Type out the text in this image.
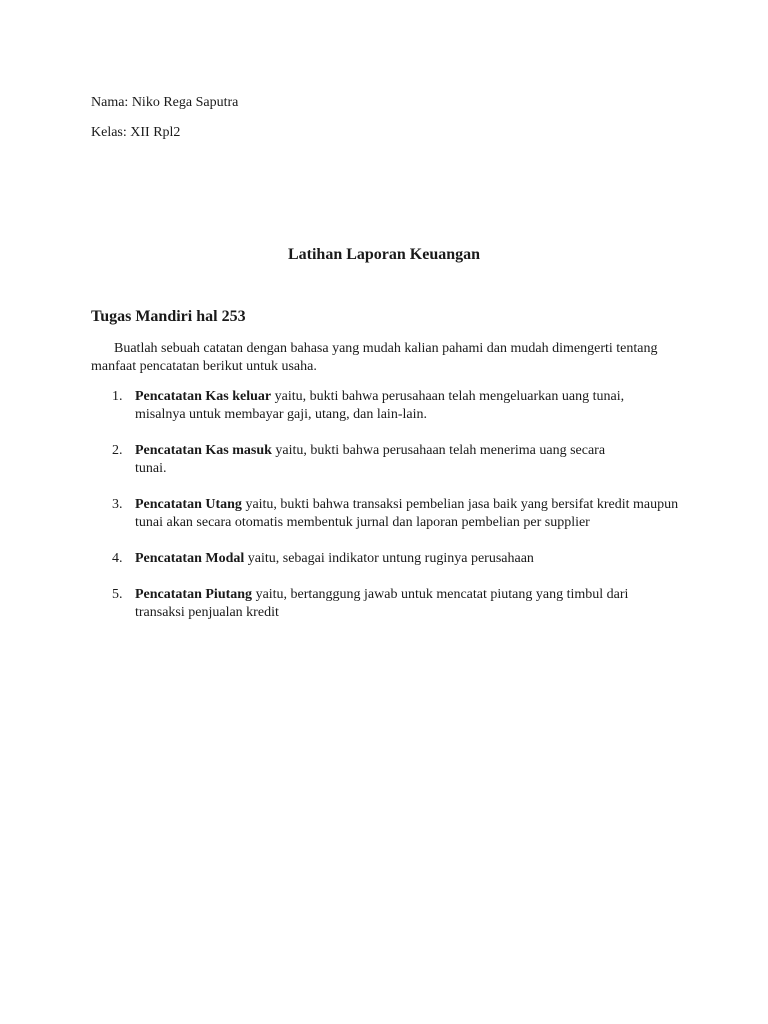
Nama: Niko Rega Saputra
Kelas: XII Rpl2
Latihan Laporan Keuangan
Tugas Mandiri hal 253
Buatlah sebuah catatan dengan bahasa yang mudah kalian pahami dan mudah dimengerti tentang manfaat pencatatan berikut untuk usaha.
1. Pencatatan Kas keluar yaitu, bukti bahwa perusahaan telah mengeluarkan uang tunai, misalnya untuk membayar gaji, utang, dan lain-lain.
2. Pencatatan Kas masuk yaitu, bukti bahwa perusahaan telah menerima uang secara tunai.
3. Pencatatan Utang yaitu, bukti bahwa transaksi pembelian jasa baik yang bersifat kredit maupun tunai akan secara otomatis membentuk jurnal dan laporan pembelian per supplier
4. Pencatatan Modal yaitu, sebagai indikator untung ruginya perusahaan
5. Pencatatan Piutang yaitu, bertanggung jawab untuk mencatat piutang yang timbul dari transaksi penjualan kredit
